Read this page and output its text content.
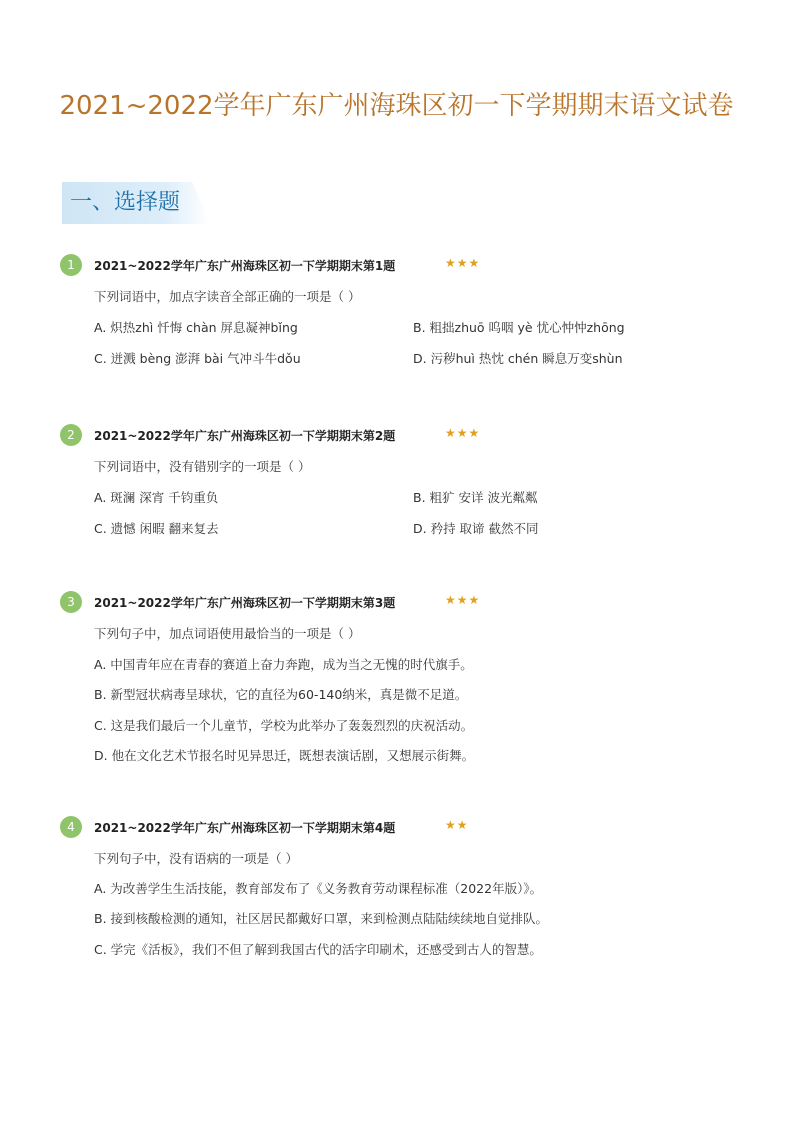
2021~2022学年广东广州海珠区初一下学期期末语文试卷
一、选择题
1	2021~2022学年广东广州海珠区初一下学期期末第1题	★★★
下列词语中，加点字读音全部正确的一项是（ ）
A. 炽热zhì 忏悔 chàn 屏息凝神bǐng	B. 粗拙zhuō 呜咽 yè 忧心忡忡zhōng
C. 迸溅 bèng 澎湃 bài 气冲斗牛dǒu	D. 污秽huì 热忱 chén 瞬息万变shùn
2	2021~2022学年广东广州海珠区初一下学期期末第2题	★★★
下列词语中，没有错别字的一项是（ ）
A. 斑澜 深宵 千钧重负	B. 粗犷 安详 波光粼粼
C. 遗憾 闲暇 翻来复去	D. 矜持 取谛 截然不同
3	2021~2022学年广东广州海珠区初一下学期期末第3题	★★★
下列句子中，加点词语使用最恰当的一项是（ ）
A. 中国青年应在青春的赛道上奋力奔跑，成为当之无愧的时代旗手。
B. 新型冠状病毒呈球状，它的直径为60-140纳米，真是微不足道。
C. 这是我们最后一个儿童节，学校为此举办了轰轰烈烈的庆祝活动。
D. 他在文化艺术节报名时见异思迁，既想表演话剧，又想展示街舞。
4	2021~2022学年广东广州海珠区初一下学期期末第4题	★★
下列句子中，没有语病的一项是（ ）
A. 为改善学生生活技能，教育部发布了《义务教育劳动课程标准（2022年版）》。
B. 接到核酸检测的通知，社区居民都戴好口罩，来到检测点陆陆续续地自觉排队。
C. 学完《活板》，我们不但了解到我国古代的活字印刷术，还感受到古人的智慧。
